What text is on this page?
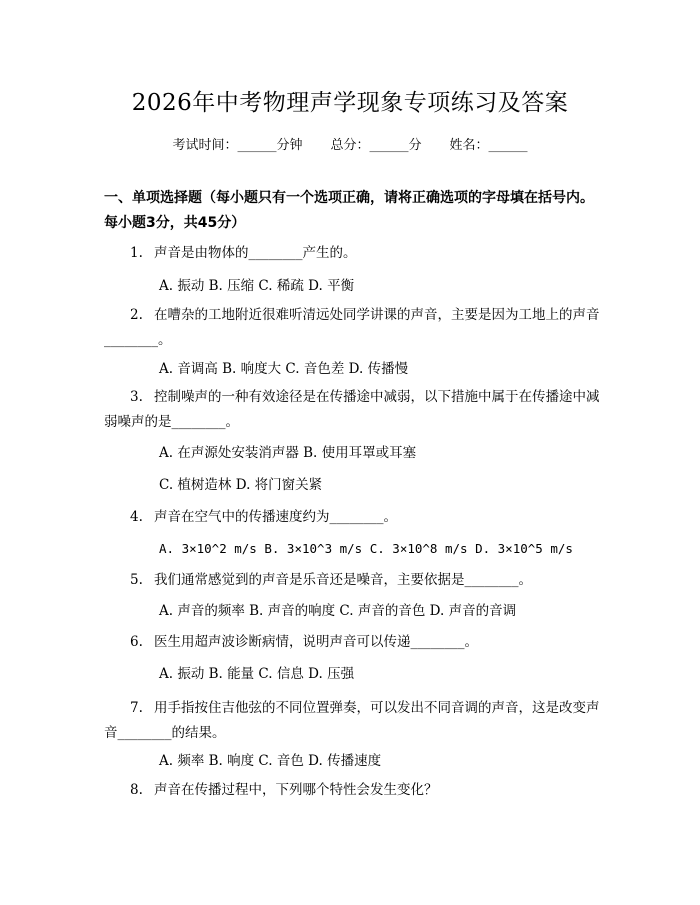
2026年中考物理声学现象专项练习及答案
考试时间：______分钟 总分：______分 姓名：______
一、单项选择题（每小题只有一个选项正确，请将正确选项的字母填在括号内。每小题3分，共45分）
1. 声音是由物体的________产生的。
A. 振动 B. 压缩 C. 稀疏 D. 平衡
2. 在嘈杂的工地附近很难听清远处同学讲课的声音，主要是因为工地上的声音________。
A. 音调高 B. 响度大 C. 音色差 D. 传播慢
3. 控制噪声的一种有效途径是在传播途中减弱，以下措施中属于在传播途中减弱噪声的是________。
A. 在声源处安装消声器 B. 使用耳罩或耳塞
C. 植树造林 D. 将门窗关紧
4. 声音在空气中的传播速度约为________。
A. 3×10^2 m/s B. 3×10^3 m/s C. 3×10^8 m/s D. 3×10^5 m/s
5. 我们通常感觉到的声音是乐音还是噪音，主要依据是________。
A. 声音的频率 B. 声音的响度 C. 声音的音色 D. 声音的音调
6. 医生用超声波诊断病情，说明声音可以传递________。
A. 振动 B. 能量 C. 信息 D. 压强
7. 用手指按住吉他弦的不同位置弹奏，可以发出不同音调的声音，这是改变声音________的结果。
A. 频率 B. 响度 C. 音色 D. 传播速度
8. 声音在传播过程中，下列哪个特性会发生变化？
